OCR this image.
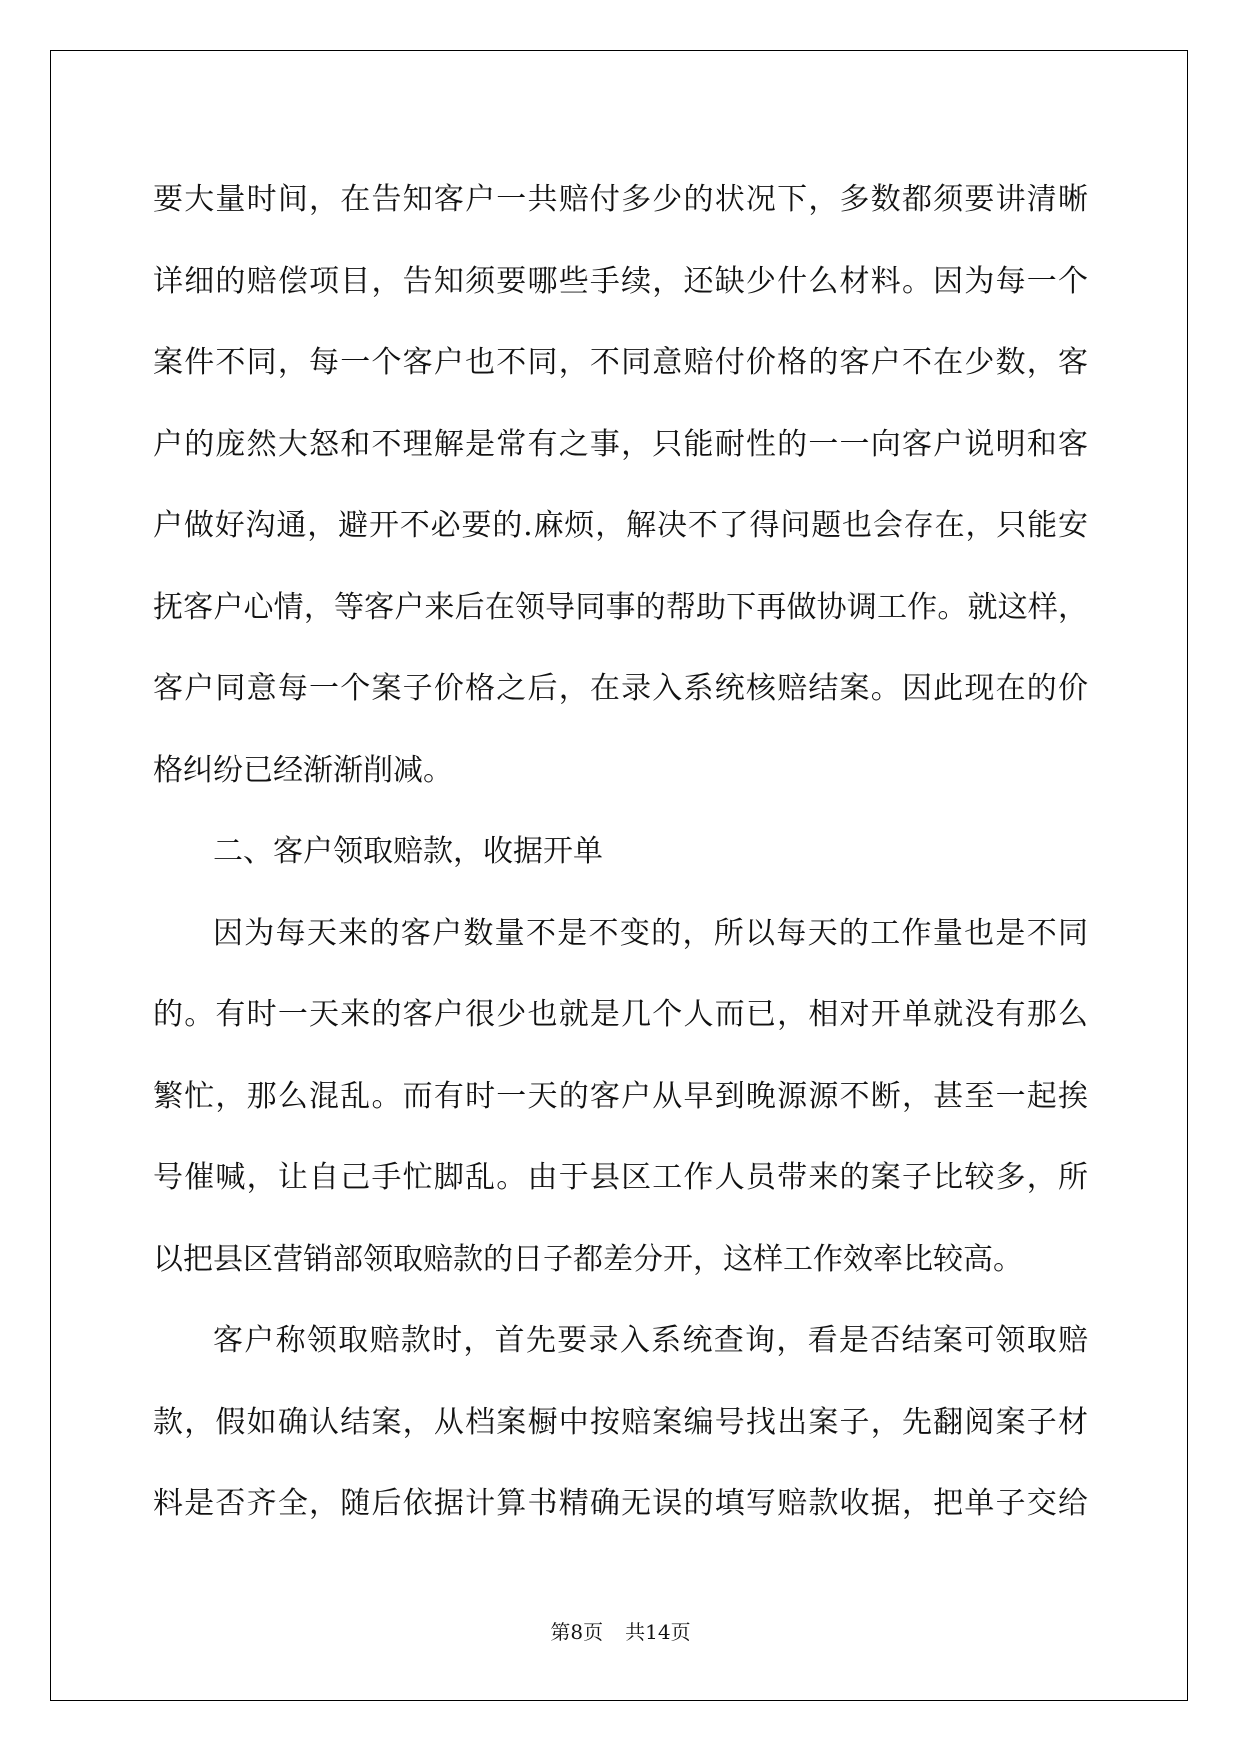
要大量时间，在告知客户一共赔付多少的状况下，多数都须要讲清晰
详细的赔偿项目，告知须要哪些手续，还缺少什么材料。因为每一个
案件不同，每一个客户也不同，不同意赔付价格的客户不在少数，客
户的庞然大怒和不理解是常有之事，只能耐性的一一向客户说明和客
户做好沟通，避开不必要的.麻烦，解决不了得问题也会存在，只能安
抚客户心情，等客户来后在领导同事的帮助下再做协调工作。就这样，
客户同意每一个案子价格之后，在录入系统核赔结案。因此现在的价
格纠纷已经渐渐削减。
二、客户领取赔款，收据开单
因为每天来的客户数量不是不变的，所以每天的工作量也是不同
的。有时一天来的客户很少也就是几个人而已，相对开单就没有那么
繁忙，那么混乱。而有时一天的客户从早到晚源源不断，甚至一起挨
号催喊，让自己手忙脚乱。由于县区工作人员带来的案子比较多，所
以把县区营销部领取赔款的日子都差分开，这样工作效率比较高。
客户称领取赔款时，首先要录入系统查询，看是否结案可领取赔
款，假如确认结案，从档案橱中按赔案编号找出案子，先翻阅案子材
料是否齐全，随后依据计算书精确无误的填写赔款收据，把单子交给
第8页 共14页
